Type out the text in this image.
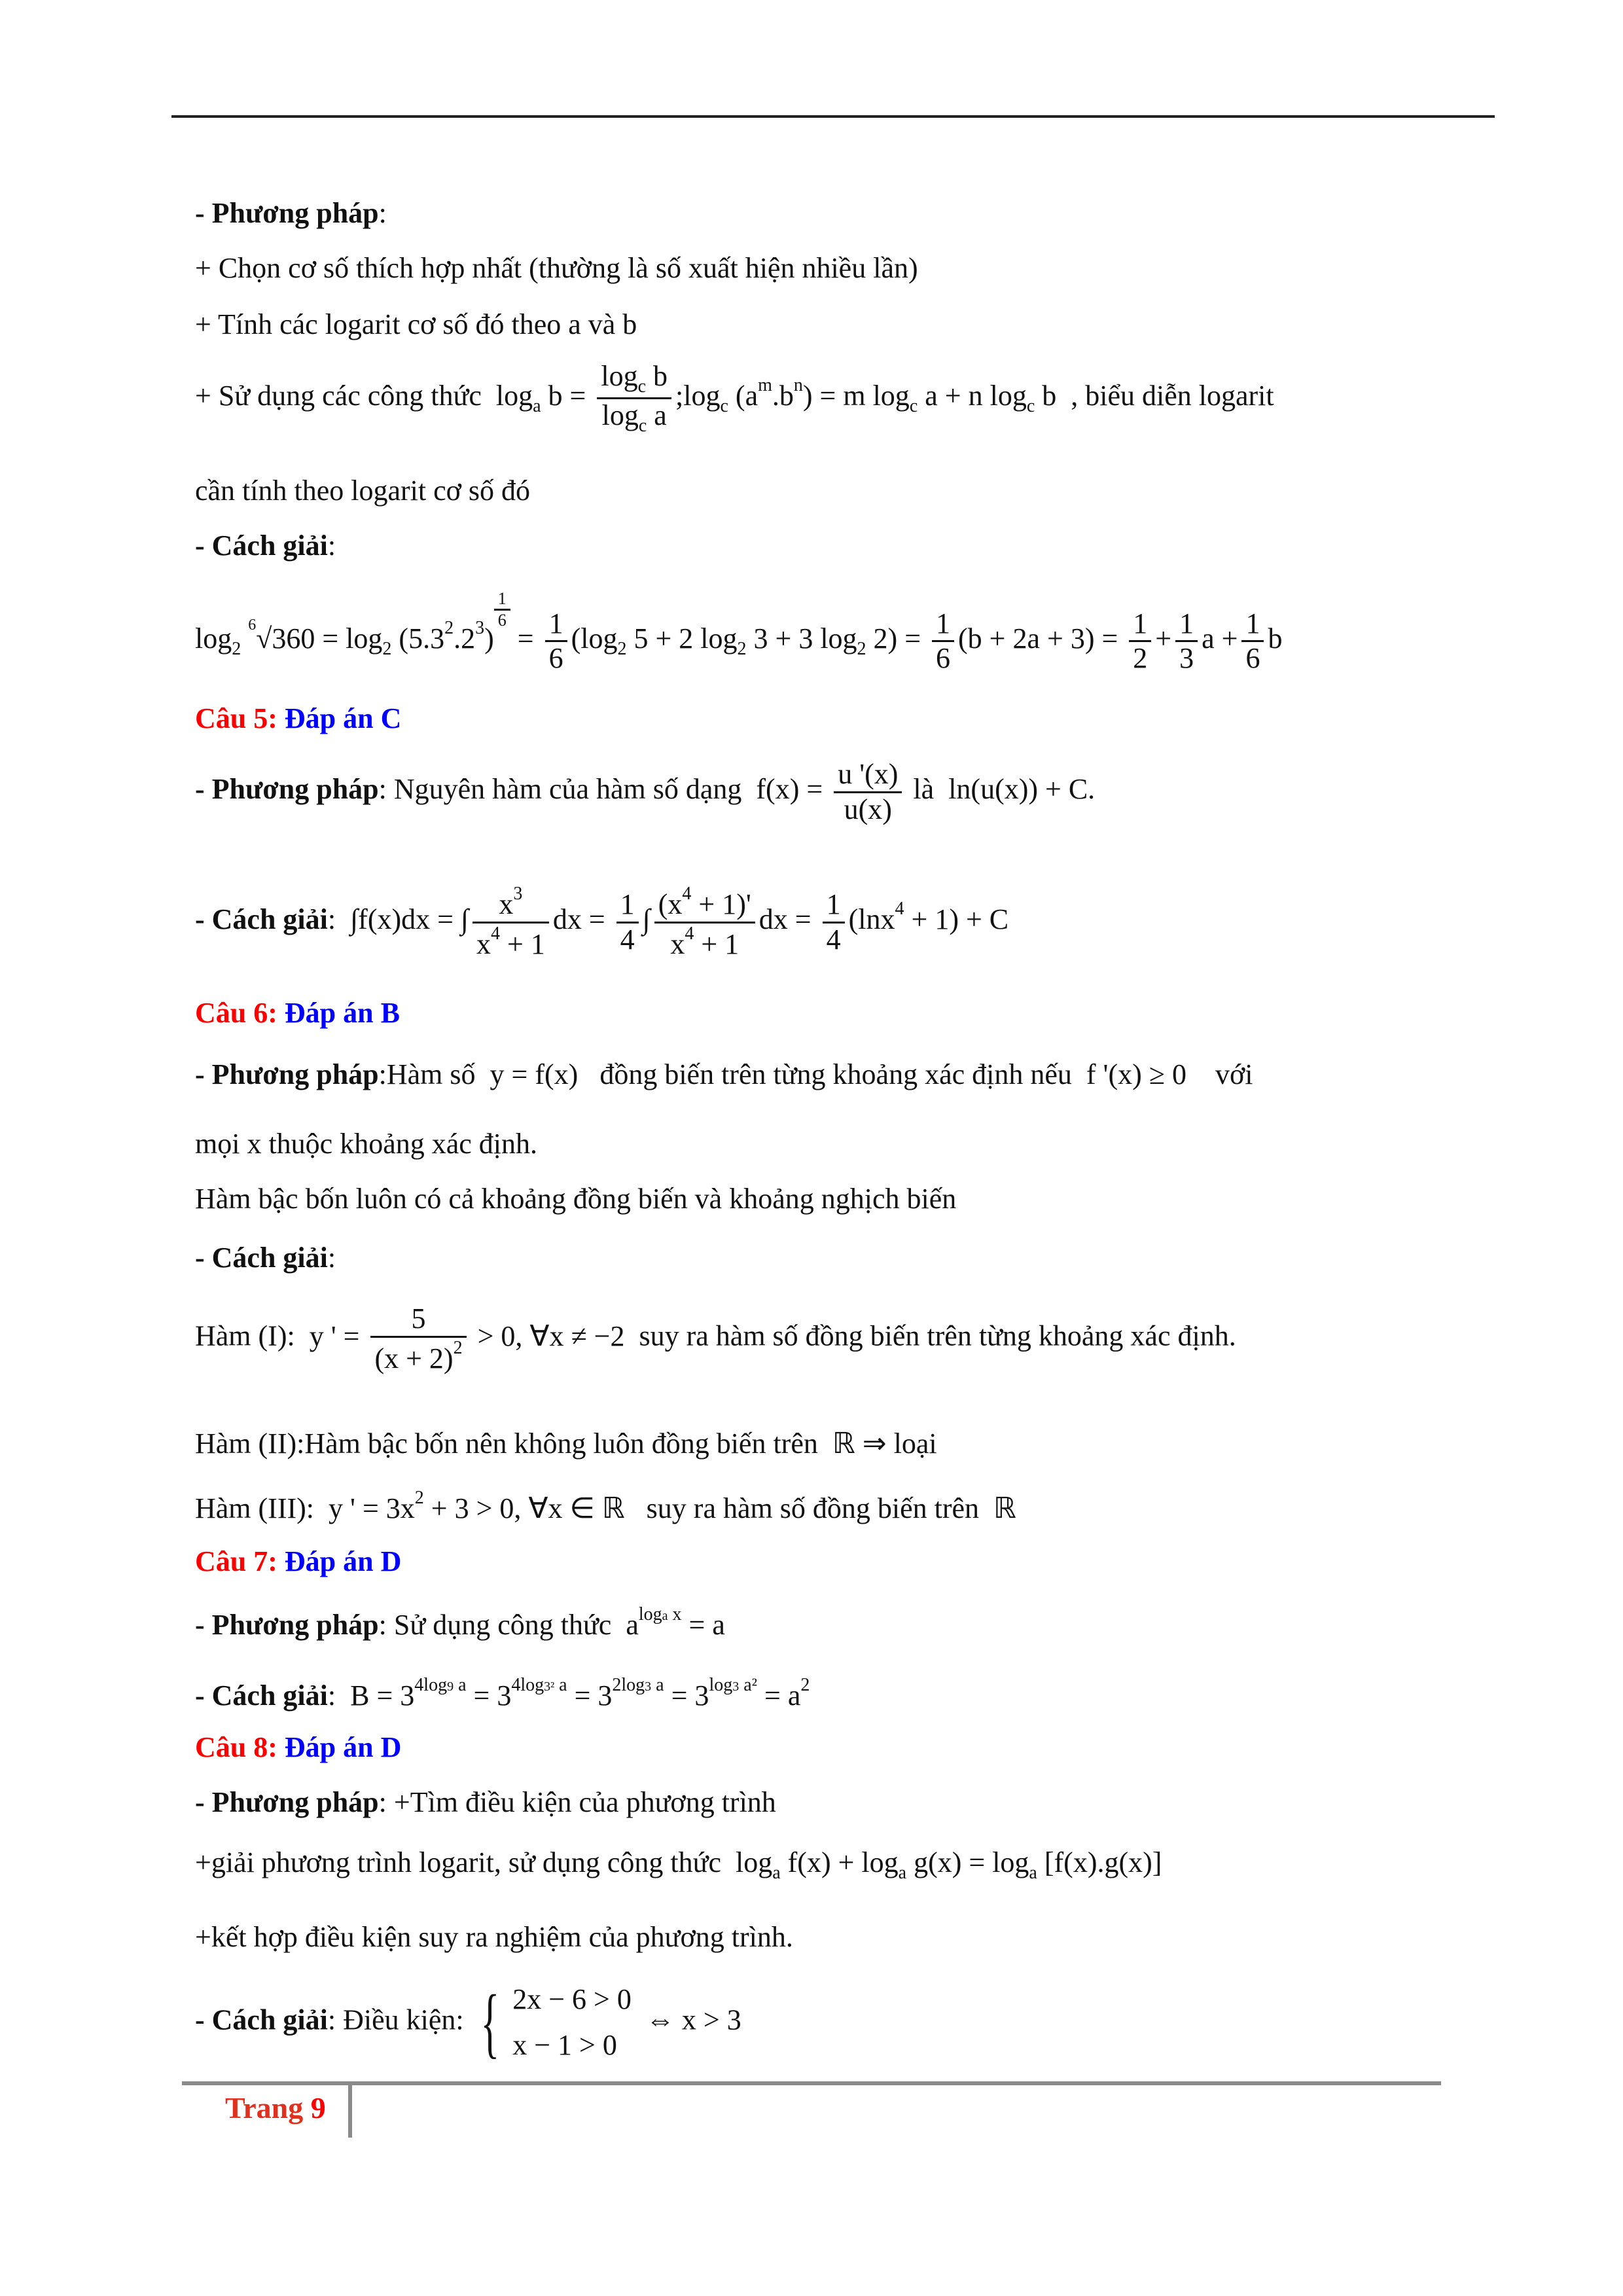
- Phương pháp:
+ Chọn cơ số thích hợp nhất (thường là số xuất hiện nhiều lần)
+ Tính các logarit cơ số đó theo a và b
+ Sử dụng các công thức $\log_a b = \frac{\log_c b}{\log_c a}$ $;\log_c$ $(a^m.b^n) = m$ $\log_c a + n$ $\log_c b$  , biểu diễn logarit
cần tính theo logarit cơ số đó
- Cách giải:
$\log_2 ^6√360 = \log_2 (5.3^2.2^3)$
$\frac{1}{6}$
= $\frac{1}{6} (\log_2$ 5 + 2 $\log_2 3 + 3$ $\log_2 2) = \frac{1}{6} (b + 2a + 3) = \frac{1}{2} + \frac{1}{3}$ $a + \frac{1}{6}$ b
Câu 5: Đáp án C
- Phương pháp: Nguyên hàm của hàm số dạng  $f(x) = \frac{u '(x)}{u(x)}$ là  ln(u(x)) + C.
- Cách giải:  ∫f(x)dx = ∫ $\frac{x^3}{x^4 + 1}$ dx = $\frac{1}{4}$ ∫ $\frac{(x^4 + 1)'}{x^4 + 1}$ dx = $\frac{1}{4} (\ln x^4 + 1) + C$
Câu 6: Đáp án B
- Phương pháp:Hàm số  y = f(x)   đồng biến trên từng khoảng xác định nếu  f '(x) ≥ 0    với
mọi x thuộc khoảng xác định.
Hàm bậc bốn luôn có cả khoảng đồng biến và khoảng nghịch biến
- Cách giải:
Hàm (I):  y ' = $\frac{5}{(x + 2)^2} > 0$, ∀x ≠ −2  suy ra hàm số đồng biến trên từng khoảng xác định.
Hàm (II):Hàm bậc bốn nên không luôn đồng biến trên  ℝ ⇒ loại
Hàm (III):  y ' = $3x^2 + 3 > 0$, ∀x ∈ ℝ   suy ra hàm số đồng biến trên  ℝ
Câu 7: Đáp án D
- Phương pháp: Sử dụng công thức  $a^{loga x} = a$
- Cách giải:  $B = 3^{4log9 a} = 3^{4log3^2 a} = 3^{2log3 a} = 3^{log3 a^2} = a^2$
Câu 8: Đáp án D
- Phương pháp: +Tìm điều kiện của phương trình
+giải phương trình logarit, sử dụng công thức  $\log_a f(x) + \log_a g(x) = \log_a [f(x).g(x)]$
+kết hợp điều kiện suy ra nghiệm của phương trình.
- Cách giải: Điều kiện: { 2x − 6 > 0
x − 1 > 0
⇔ x > 3
Trang 9
